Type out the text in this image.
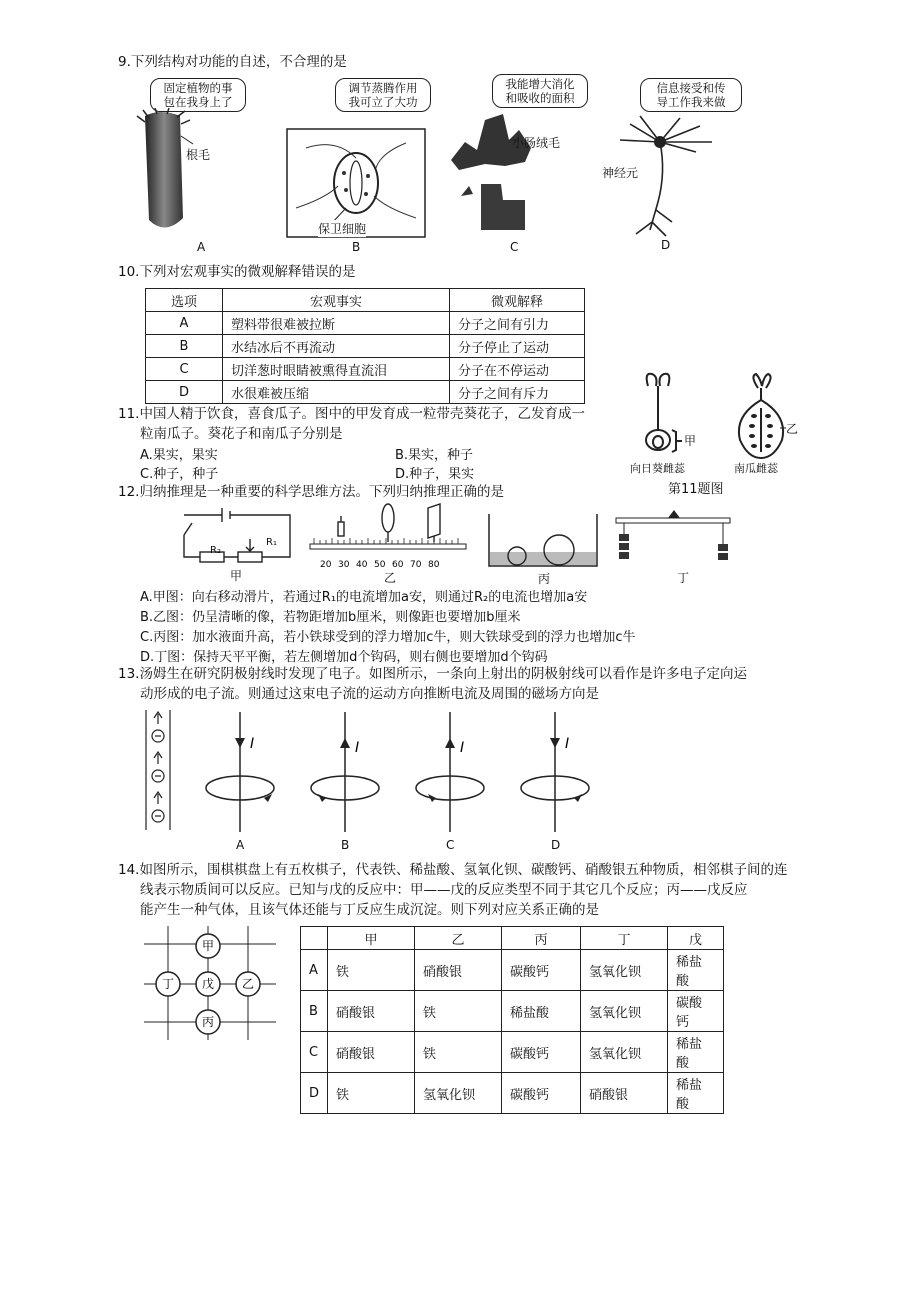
9.下列结构对功能的自述，不合理的是
固定植物的事
包在我身上了
根毛
A
调节蒸腾作用
我可立了大功
保卫细胞
B
我能增大消化
和吸收的面积
小肠绒毛
C
信息接受和传
导工作我来做
神经元
D
10.下列对宏观事实的微观解释错误的是
选项	宏观事实	微观解释
A	塑料带很难被拉断	分子之间有引力
B	水结冰后不再流动	分子停止了运动
C	切洋葱时眼睛被熏得直流泪	分子在不停运动
D	水很难被压缩	分子之间有斥力
11.中国人精于饮食，喜食瓜子。图中的甲发育成一粒带壳葵花子，乙发育成一
粒南瓜子。葵花子和南瓜子分别是
A.果实，果实	B.果实，种子
C.种子，种子	D.种子，果实
甲
乙
向日葵雌蕊	南瓜雌蕊
第11题图
12.归纳推理是一种重要的科学思维方法。下列归纳推理正确的是
R₂
R₁
甲
20 30 40 50 60 70 80
乙	丙	丁
A.甲图：向右移动滑片，若通过R₁的电流增加a安，则通过R₂的电流也增加a安
B.乙图：仍呈清晰的像，若物距增加b厘米，则像距也要增加b厘米
C.丙图：加水液面升高，若小铁球受到的浮力增加c牛，则大铁球受到的浮力也增加c牛
D.丁图：保持天平平衡，若左侧增加d个钩码，则右侧也要增加d个钩码
13.汤姆生在研究阴极射线时发现了电子。如图所示，一条向上射出的阴极射线可以看作是许多电子定向运
动形成的电子流。则通过这束电子流的运动方向推断电流及周围的磁场方向是
I	I	I	I
A	B	C	D
14.如图所示，围棋棋盘上有五枚棋子，代表铁、稀盐酸、氢氧化钡、碳酸钙、硝酸银五种物质，相邻棋子间的连
线表示物质间可以反应。已知与戊的反应中：甲——戊的反应类型不同于其它几个反应；丙——戊反应
能产生一种气体，且该气体还能与丁反应生成沉淀。则下列对应关系正确的是
甲
丁 戊 乙
丙
	甲	乙	丙	丁	戊
A	铁	硝酸银	碳酸钙	氢氧化钡	稀盐酸
B	硝酸银	铁	稀盐酸	氢氧化钡	碳酸钙
C	硝酸银	铁	碳酸钙	氢氧化钡	稀盐酸
D	铁	氢氧化钡	碳酸钙	硝酸银	稀盐酸
